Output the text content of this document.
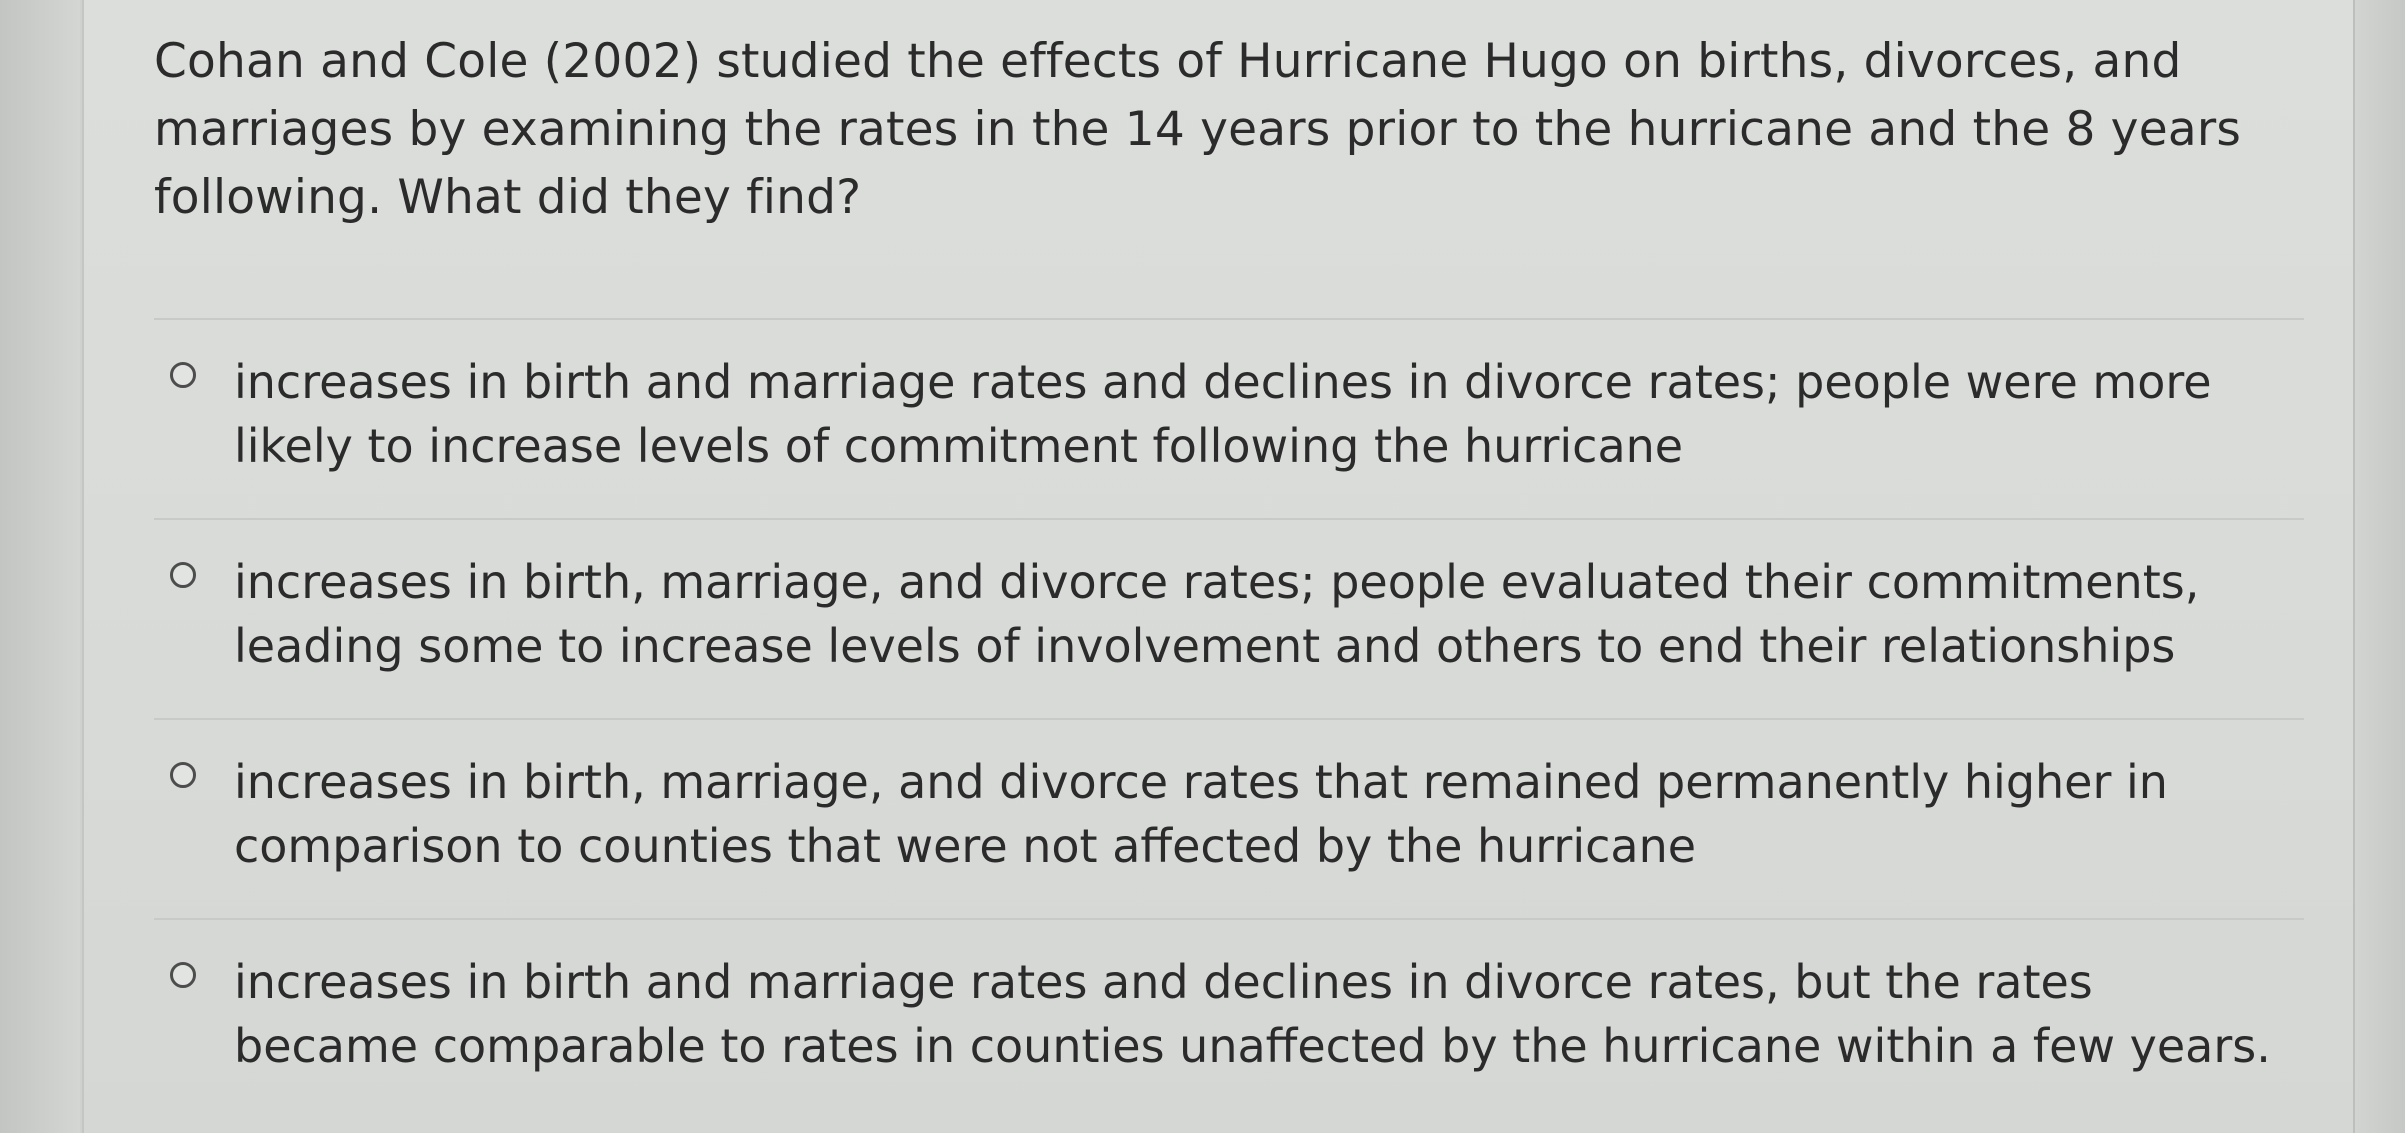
Cohan and Cole (2002) studied the effects of Hurricane Hugo on births, divorces, and marriages by examining the rates in the 14 years prior to the hurricane and the 8 years following. What did they find?

increases in birth and marriage rates and declines in divorce rates; people were more likely to increase levels of commitment following the hurricane
increases in birth, marriage, and divorce rates; people evaluated their commitments, leading some to increase levels of involvement and others to end their relationships
increases in birth, marriage, and divorce rates that remained permanently higher in comparison to counties that were not affected by the hurricane
increases in birth and marriage rates and declines in divorce rates, but the rates became comparable to rates in counties unaffected by the hurricane within a few years.
